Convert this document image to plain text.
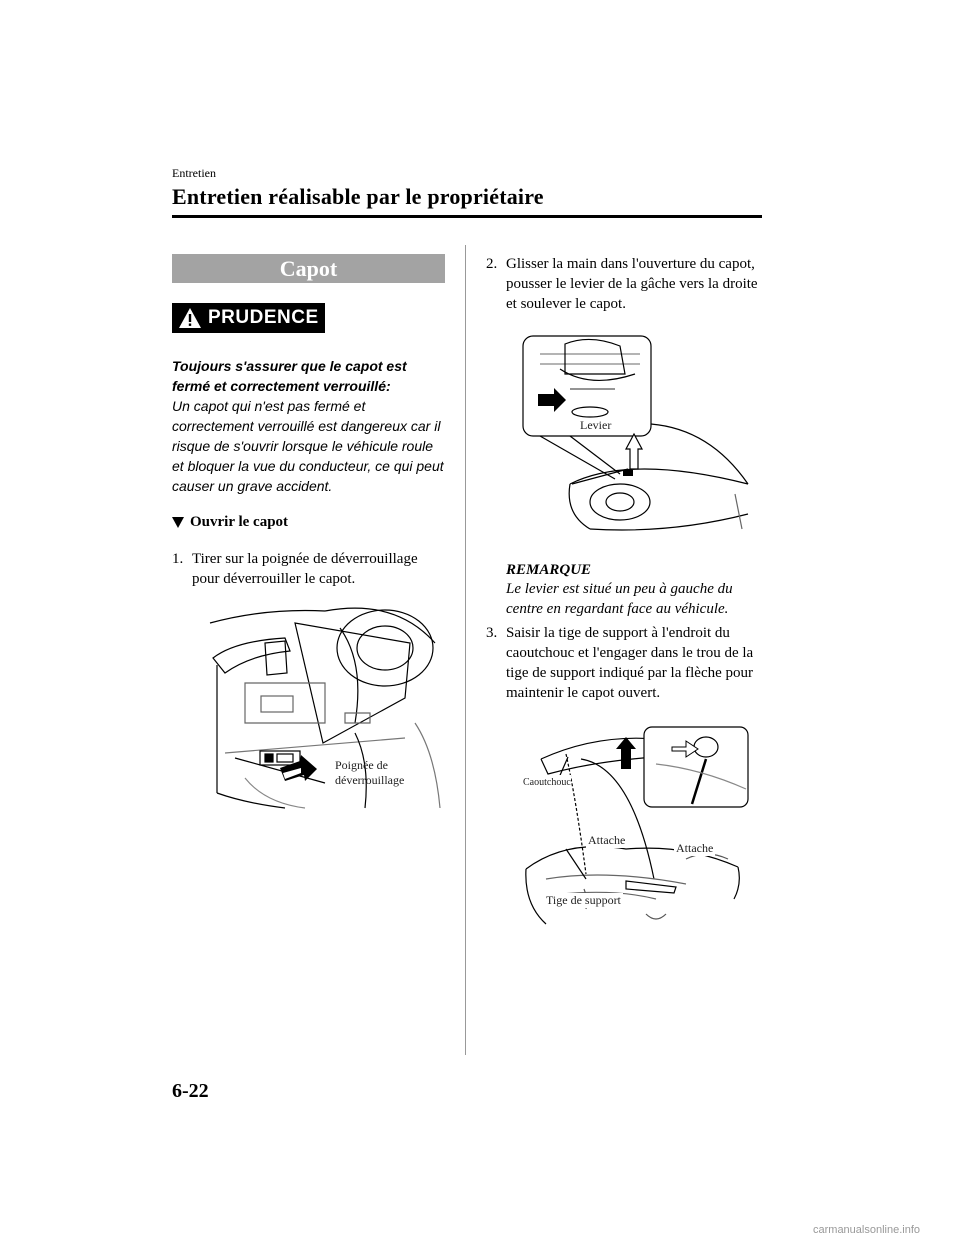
Entretien
Entretien réalisable par le propriétaire
Capot
PRUDENCE
Toujours s'assurer que le capot est fermé et correctement verrouillé:
Un capot qui n'est pas fermé et correctement verrouillé est dangereux car il risque de s'ouvrir lorsque le véhicule roule et bloquer la vue du conducteur, ce qui peut causer un grave accident.
Ouvrir le capot
1. Tirer sur la poignée de déverrouillage pour déverrouiller le capot.
Poignée de déverrouillage
2. Glisser la main dans l'ouverture du capot, pousser le levier de la gâche vers la droite et soulever le capot.
Levier
REMARQUE
Le levier est situé un peu à gauche du centre en regardant face au véhicule.
3. Saisir la tige de support à l'endroit du caoutchouc et l'engager dans le trou de la tige de support indiqué par la flèche pour maintenir le capot ouvert.
Caoutchouc
Attache
Attache
Tige de support
6-22
carmanualsonline.info
